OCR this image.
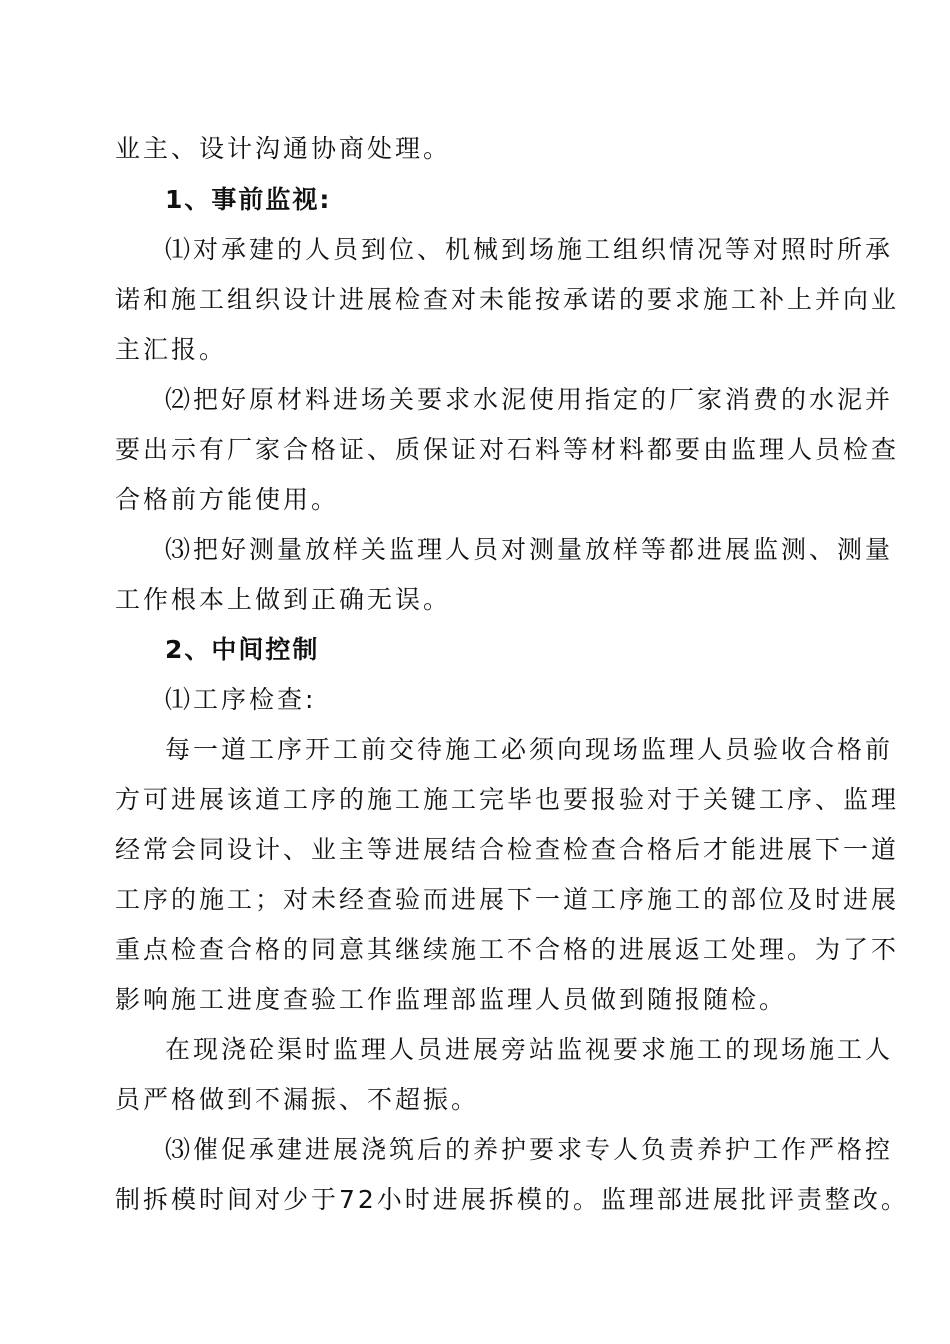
业主、设计沟通协商处理。
1、事前监视:
⑴对承建的人员到位、机械到场施工组织情况等对照时所承
诺和施工组织设计进展检查对未能按承诺的要求施工补上并向业
主汇报。
⑵把好原材料进场关要求水泥使用指定的厂家消费的水泥并
要出示有厂家合格证、质保证对石料等材料都要由监理人员检查
合格前方能使用。
⑶把好测量放样关监理人员对测量放样等都进展监测、测量
工作根本上做到正确无误。
2、中间控制
⑴工序检查:
每一道工序开工前交待施工必须向现场监理人员验收合格前
方可进展该道工序的施工施工完毕也要报验对于关键工序、监理
经常会同设计、业主等进展结合检查检查合格后才能进展下一道
工序的施工；对未经查验而进展下一道工序施工的部位及时进展
重点检查合格的同意其继续施工不合格的进展返工处理。为了不
影响施工进度查验工作监理部监理人员做到随报随检。
在现浇砼渠时监理人员进展旁站监视要求施工的现场施工人
员严格做到不漏振、不超振。
⑶催促承建进展浇筑后的养护要求专人负责养护工作严格控
制拆模时间对少于72小时进展拆模的。监理部进展批评责整改。
